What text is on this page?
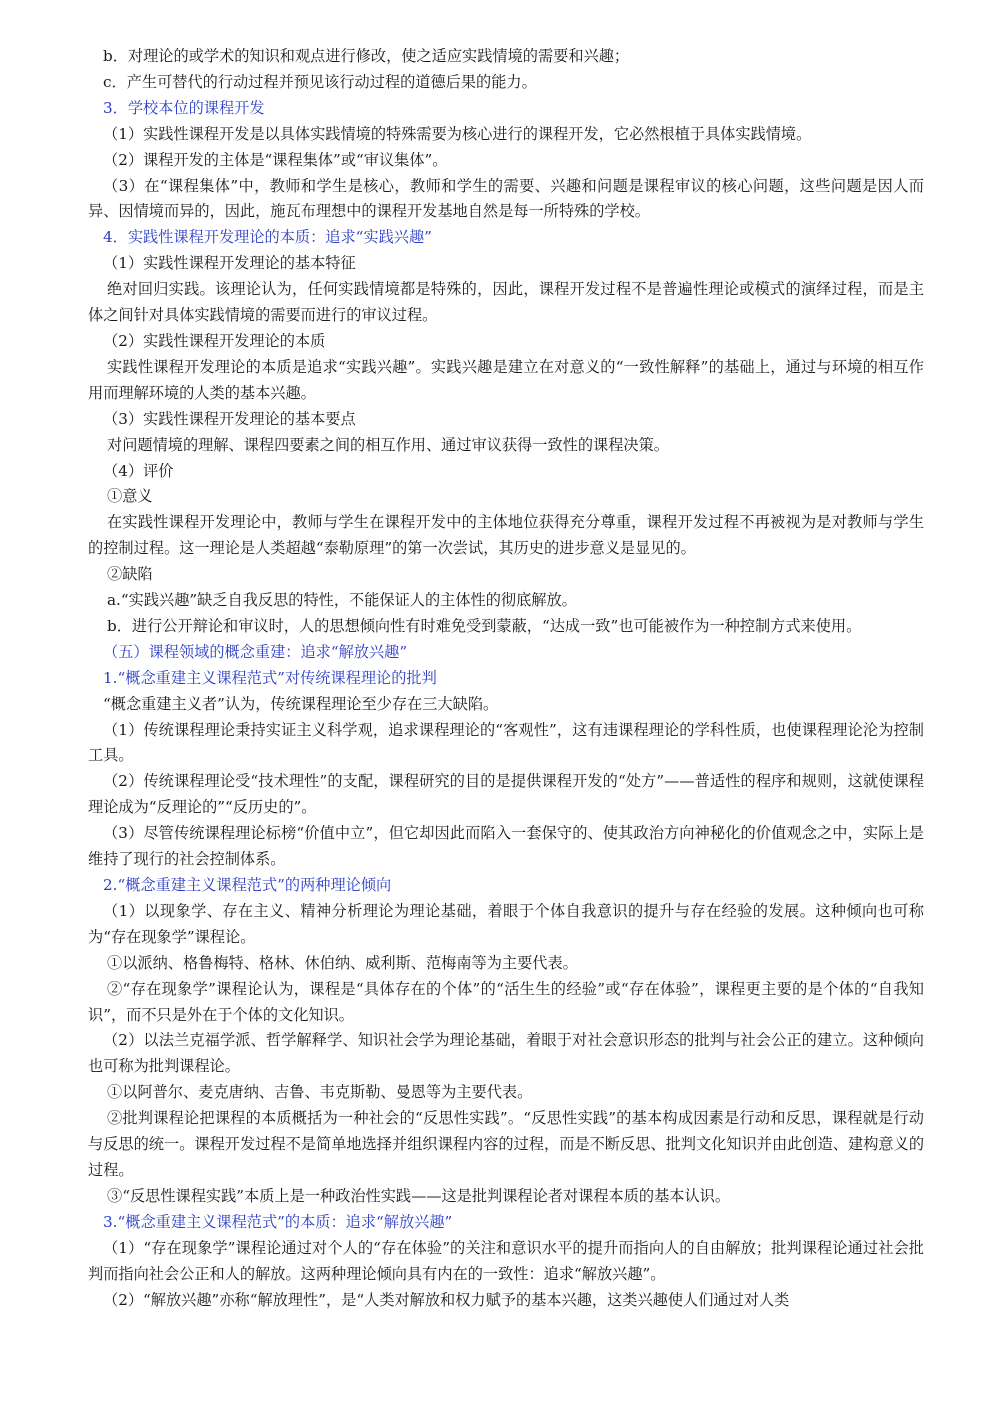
b．对理论的或学术的知识和观点进行修改，使之适应实践情境的需要和兴趣；

c．产生可替代的行动过程并预见该行动过程的道德后果的能力。

3．学校本位的课程开发

（1）实践性课程开发是以具体实践情境的特殊需要为核心进行的课程开发，它必然根植于具体实践情境。

（2）课程开发的主体是“课程集体”或“审议集体”。

（3）在“课程集体”中，教师和学生是核心，教师和学生的需要、兴趣和问题是课程审议的核心问题，这些问题是因人而异、因情境而异的，因此，施瓦布理想中的课程开发基地自然是每一所特殊的学校。

4．实践性课程开发理论的本质：追求“实践兴趣”

（1）实践性课程开发理论的基本特征

绝对回归实践。该理论认为，任何实践情境都是特殊的，因此，课程开发过程不是普遍性理论或模式的演绎过程，而是主体之间针对具体实践情境的需要而进行的审议过程。

（2）实践性课程开发理论的本质

实践性课程开发理论的本质是追求“实践兴趣”。实践兴趣是建立在对意义的“一致性解释”的基础上，通过与环境的相互作用而理解环境的人类的基本兴趣。

（3）实践性课程开发理论的基本要点

对问题情境的理解、课程四要素之间的相互作用、通过审议获得一致性的课程决策。

（4）评价

①意义

在实践性课程开发理论中，教师与学生在课程开发中的主体地位获得充分尊重，课程开发过程不再被视为是对教师与学生的控制过程。这一理论是人类超越“泰勒原理”的第一次尝试，其历史的进步意义是显见的。

②缺陷

a.“实践兴趣”缺乏自我反思的特性，不能保证人的主体性的彻底解放。

b．进行公开辩论和审议时，人的思想倾向性有时难免受到蒙蔽，“达成一致”也可能被作为一种控制方式来使用。

（五）课程领域的概念重建：追求“解放兴趣”

1.“概念重建主义课程范式”对传统课程理论的批判

“概念重建主义者”认为，传统课程理论至少存在三大缺陷。

（1）传统课程理论秉持实证主义科学观，追求课程理论的“客观性”，这有违课程理论的学科性质，也使课程理论沦为控制工具。

（2）传统课程理论受“技术理性”的支配，课程研究的目的是提供课程开发的“处方”——普适性的程序和规则，这就使课程理论成为“反理论的”“反历史的”。

（3）尽管传统课程理论标榜“价值中立”，但它却因此而陷入一套保守的、使其政治方向神秘化的价值观念之中，实际上是维持了现行的社会控制体系。

2.“概念重建主义课程范式”的两种理论倾向

（1）以现象学、存在主义、精神分析理论为理论基础，着眼于个体自我意识的提升与存在经验的发展。这种倾向也可称为“存在现象学”课程论。

①以派纳、格鲁梅特、格林、休伯纳、威利斯、范梅南等为主要代表。

②“存在现象学”课程论认为，课程是“具体存在的个体”的“活生生的经验”或“存在体验”，课程更主要的是个体的“自我知识”，而不只是外在于个体的文化知识。

（2）以法兰克福学派、哲学解释学、知识社会学为理论基础，着眼于对社会意识形态的批判与社会公正的建立。这种倾向也可称为批判课程论。

①以阿普尔、麦克唐纳、吉鲁、韦克斯勒、曼恩等为主要代表。

②批判课程论把课程的本质概括为一种社会的“反思性实践”。“反思性实践”的基本构成因素是行动和反思，课程就是行动与反思的统一。课程开发过程不是简单地选择并组织课程内容的过程，而是不断反思、批判文化知识并由此创造、建构意义的过程。

③“反思性课程实践”本质上是一种政治性实践——这是批判课程论者对课程本质的基本认识。

3.“概念重建主义课程范式”的本质：追求“解放兴趣”

（1）“存在现象学”课程论通过对个人的“存在体验”的关注和意识水平的提升而指向人的自由解放；批判课程论通过社会批判而指向社会公正和人的解放。这两种理论倾向具有内在的一致性：追求“解放兴趣”。

（2）“解放兴趣”亦称“解放理性”，是“人类对解放和权力赋予的基本兴趣，这类兴趣使人们通过对人类
